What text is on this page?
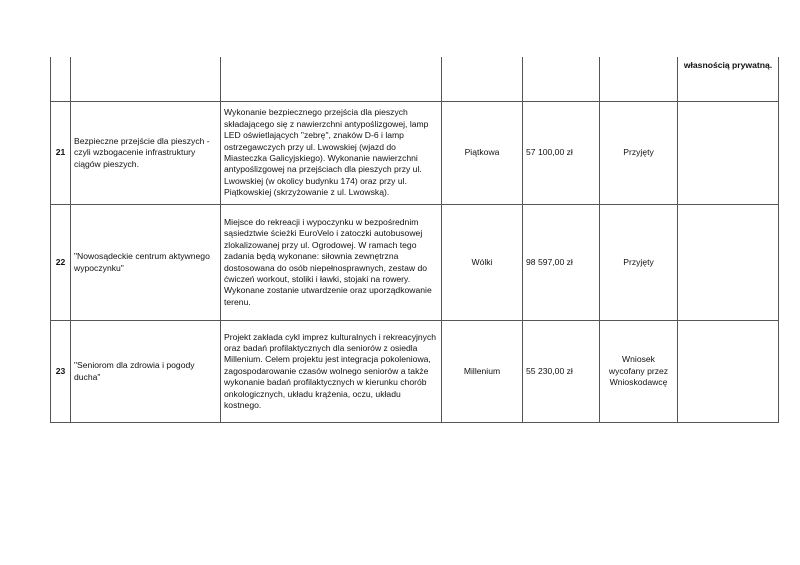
						własnością prywatną.
21	Bezpieczne przejście dla pieszych - czyli wzbogacenie infrastruktury ciągów pieszych.	Wykonanie bezpiecznego przejścia dla pieszych składającego się z nawierzchni antypoślizgowej, lamp LED oświetlających "zebrę", znaków D-6 i lamp ostrzegawczych przy ul. Lwowskiej (wjazd do Miasteczka Galicyjskiego). Wykonanie nawierzchni antypoślizgowej na przejściach dla pieszych przy ul. Lwowskiej (w okolicy budynku 174) oraz przy ul. Piątkowskiej (skrzyżowanie z ul. Lwowską).	Piątkowa	57 100,00 zł	Przyjęty	
22	"Nowosądeckie centrum aktywnego wypoczynku"	Miejsce do rekreacji i wypoczynku w bezpośrednim sąsiedztwie ścieżki EuroVelo i zatoczki autobusowej zlokalizowanej przy ul. Ogrodowej. W ramach tego zadania będą wykonane: siłownia zewnętrzna dostosowana do osób niepełnosprawnych, zestaw do ćwiczeń workout, stoliki i ławki, stojaki na rowery. Wykonane zostanie utwardzenie oraz uporządkowanie terenu.	Wólki	98 597,00 zł	Przyjęty	
23	"Seniorom dla zdrowia i pogody ducha"	Projekt zakłada cykl imprez kulturalnych i rekreacyjnych oraz badań profilaktycznych dla seniorów z osiedla Millenium. Celem projektu jest integracja pokoleniowa, zagospodarowanie czasów wolnego seniorów a także wykonanie badań profilaktycznych w kierunku chorób onkologicznych, układu krążenia, oczu, układu kostnego.	Millenium	55 230,00 zł	Wniosek wycofany przez Wnioskodawcę	
